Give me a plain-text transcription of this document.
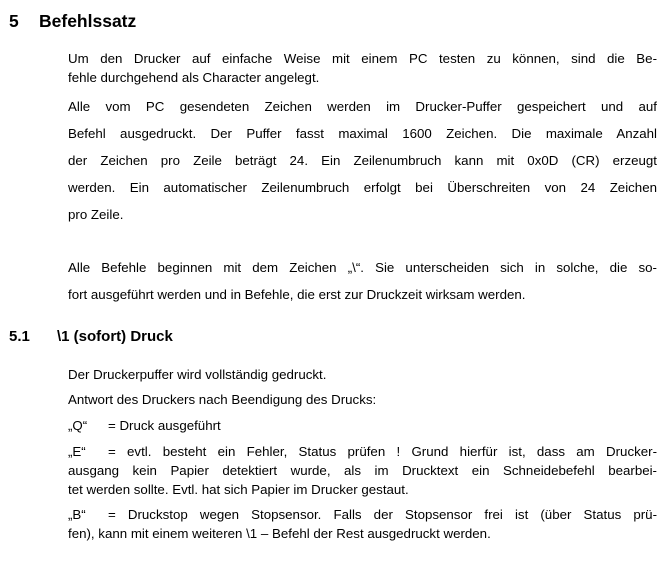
5 Befehlssatz
Um den Drucker auf einfache Weise mit einem PC testen zu können, sind die Be-
fehle durchgehend als Character angelegt.
Alle vom PC gesendeten Zeichen werden im Drucker-Puffer gespeichert und auf
Befehl ausgedruckt. Der Puffer fasst maximal 1600 Zeichen. Die maximale Anzahl
der Zeichen pro Zeile beträgt 24. Ein Zeilenumbruch kann mit 0x0D (CR) erzeugt
werden. Ein automatischer Zeilenumbruch erfolgt bei Überschreiten von 24 Zeichen
pro Zeile.
Alle Befehle beginnen mit dem Zeichen „\“. Sie unterscheiden sich in solche, die so-
fort ausgeführt werden und in Befehle, die erst zur Druckzeit wirksam werden.
5.1 \1 (sofort) Druck
Der Druckerpuffer wird vollständig gedruckt.
Antwort des Druckers nach Beendigung des Drucks:
„Q“ = Druck ausgeführt
„E“ = evtl. besteht ein Fehler, Status prüfen ! Grund hierfür ist, dass am Drucker-
ausgang kein Papier detektiert wurde, als im Drucktext ein Schneidebefehl bearbei-
tet werden sollte. Evtl. hat sich Papier im Drucker gestaut.
„B“ = Druckstop wegen Stopsensor. Falls der Stopsensor frei ist (über Status prü-
fen), kann mit einem weiteren \1 – Befehl der Rest ausgedruckt werden.
